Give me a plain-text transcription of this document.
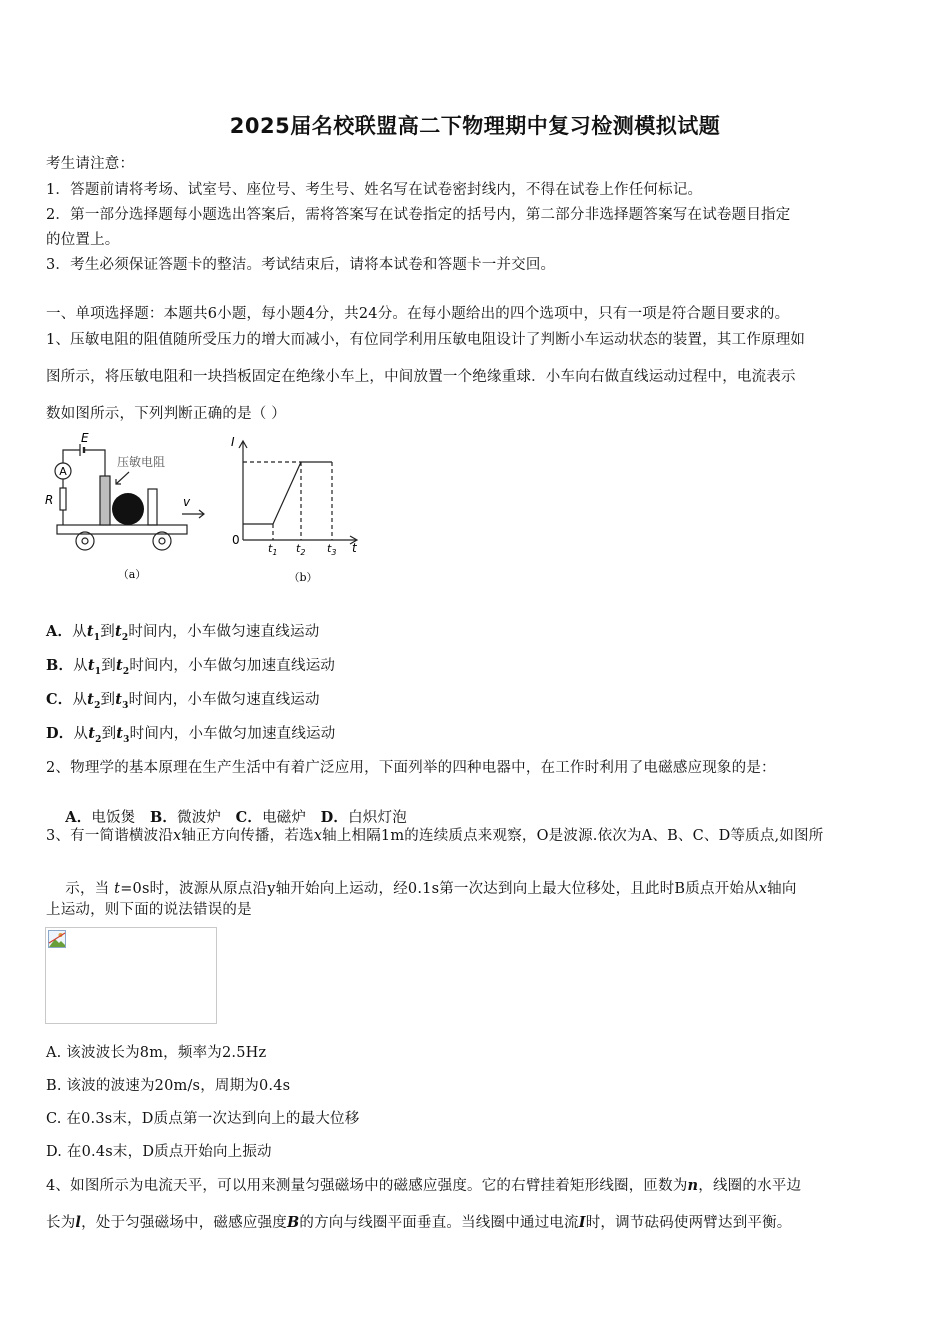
2025届名校联盟高二下物理期中复习检测模拟试题
考生请注意：
1．答题前请将考场、试室号、座位号、考生号、姓名写在试卷密封线内，不得在试卷上作任何标记。
2．第一部分选择题每小题选出答案后，需将答案写在试卷指定的括号内，第二部分非选择题答案写在试卷题目指定
的位置上。
3．考生必须保证答题卡的整洁。考试结束后，请将本试卷和答题卡一并交回。
一、单项选择题：本题共6小题，每小题4分，共24分。在每小题给出的四个选项中，只有一项是符合题目要求的。
1、压敏电阻的阻值随所受压力的增大而减小，有位同学利用压敏电阻设计了判断小车运动状态的装置，其工作原理如
图所示，将压敏电阻和一块挡板固定在绝缘小车上，中间放置一个绝缘重球．小车向右做直线运动过程中，电流表示
数如图所示，下列判断正确的是（ ）
A
E
R
压敏电阻
v
（a）
I
0
$t_1$ $t_2$ $t_3$ t
（b）
A．从$t_1$到$t_2$时间内，小车做匀速直线运动
B．从$t_1$到$t_2$时间内，小车做匀加速直线运动
C．从$t_2$到$t_3$时间内，小车做匀速直线运动
D．从$t_2$到$t_3$时间内，小车做匀加速直线运动
2、物理学的基本原理在生产生活中有着广泛应用，下面列举的四种电器中，在工作时利用了电磁感应现象的是：

A．电饭煲   B．微波炉   C．电磁炉   D．白炽灯泡

3、有一简谐横波沿x轴正方向传播，若选x轴上相隔1m的连续质点来观察，O是波源.依次为A、B、C、D等质点,如图所

示，当 t=0s时，波源从原点沿y轴开始向上运动，经0.1s第一次达到向上最大位移处，且此时B质点开始从x轴向

上运动，则下面的说法错误的是
A. 该波波长为8m，频率为2.5Hz
B. 该波的波速为20m/s，周期为0.4s
C. 在0.3s末，D质点第一次达到向上的最大位移
D. 在0.4s末，D质点开始向上振动
4、如图所示为电流天平，可以用来测量匀强磁场中的磁感应强度。它的右臂挂着矩形线圈，匝数为n，线圈的水平边
长为l，处于匀强磁场中，磁感应强度B的方向与线圈平面垂直。当线圈中通过电流I时，调节砝码使两臂达到平衡。
